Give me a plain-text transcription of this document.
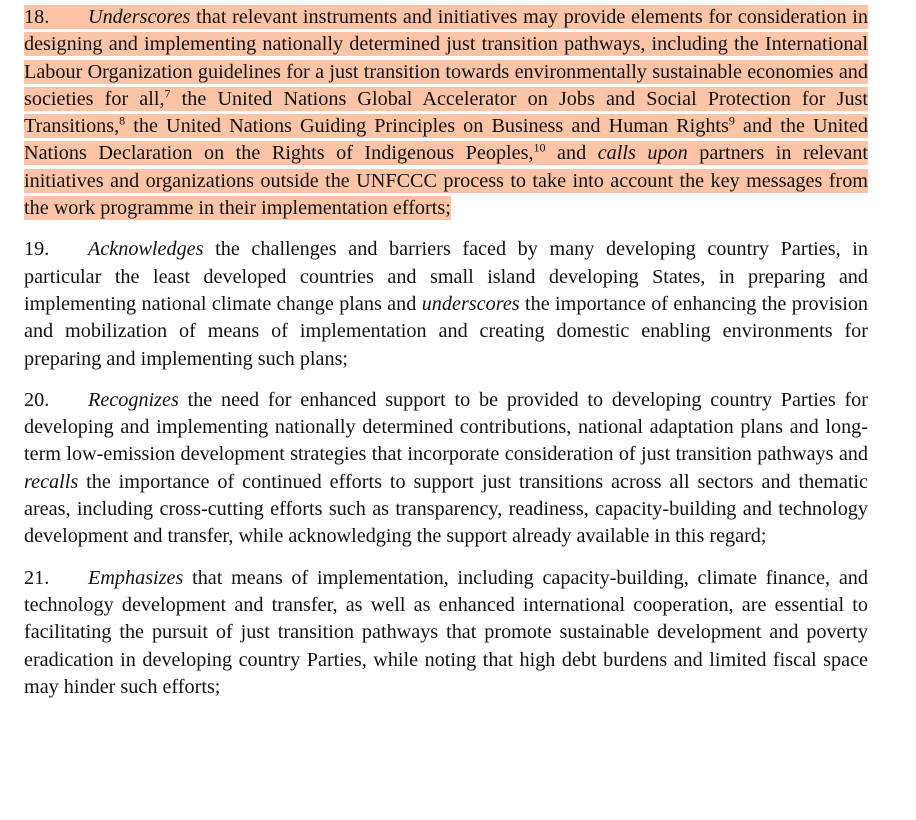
18. Underscores that relevant instruments and initiatives may provide elements for consideration in designing and implementing nationally determined just transition pathways, including the International Labour Organization guidelines for a just transition towards environmentally sustainable economies and societies for all,$^7$ the United Nations Global Accelerator on Jobs and Social Protection for Just Transitions,$^8$ the United Nations Guiding Principles on Business and Human Rights$^9$ and the United Nations Declaration on the Rights of Indigenous Peoples,$^{10}$ and calls upon partners in relevant initiatives and organizations outside the UNFCCC process to take into account the key messages from the work programme in their implementation efforts;

19. Acknowledges the challenges and barriers faced by many developing country Parties, in particular the least developed countries and small island developing States, in preparing and implementing national climate change plans and underscores the importance of enhancing the provision and mobilization of means of implementation and creating domestic enabling environments for preparing and implementing such plans;

20. Recognizes the need for enhanced support to be provided to developing country Parties for developing and implementing nationally determined contributions, national adaptation plans and long-term low-emission development strategies that incorporate consideration of just transition pathways and recalls the importance of continued efforts to support just transitions across all sectors and thematic areas, including cross-cutting efforts such as transparency, readiness, capacity-building and technology development and transfer, while acknowledging the support already available in this regard;

21. Emphasizes that means of implementation, including capacity-building, climate finance, and technology development and transfer, as well as enhanced international cooperation, are essential to facilitating the pursuit of just transition pathways that promote sustainable development and poverty eradication in developing country Parties, while noting that high debt burdens and limited fiscal space may hinder such efforts;
